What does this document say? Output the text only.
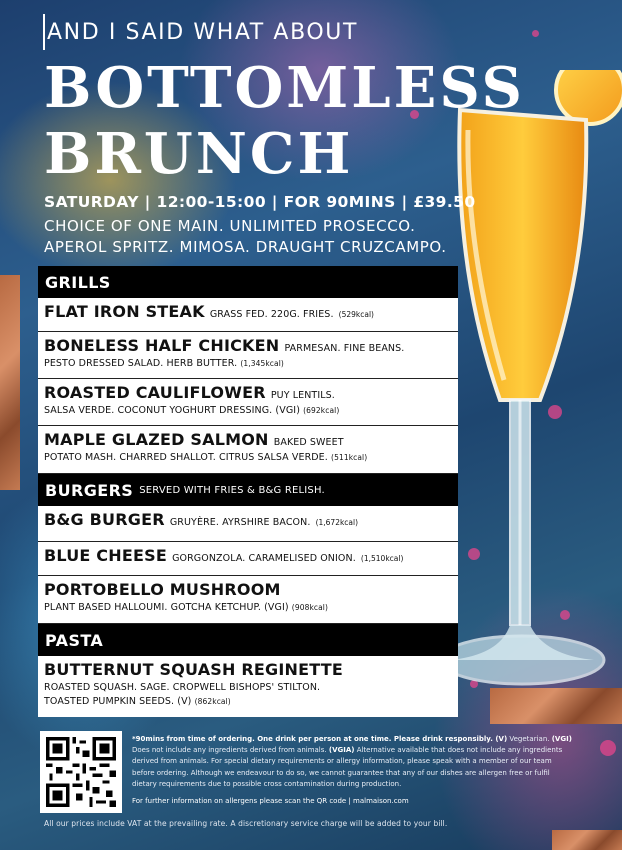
AND I SAID WHAT ABOUT
BOTTOMLESS
BRUNCH
SATURDAY | 12:00-15:00 | FOR 90MINS | £39.50
CHOICE OF ONE MAIN. UNLIMITED PROSECCO.
APEROL SPRITZ. MIMOSA. DRAUGHT CRUZCAMPO.
GRILLS
FLAT IRON STEAK GRASS FED. 220G. FRIES. (529kcal)
BONELESS HALF CHICKEN PARMESAN. FINE BEANS.
PESTO DRESSED SALAD. HERB BUTTER. (1,345kcal)
ROASTED CAULIFLOWER PUY LENTILS.
SALSA VERDE. COCONUT YOGHURT DRESSING. (VGI) (692kcal)
MAPLE GLAZED SALMON BAKED SWEET
POTATO MASH. CHARRED SHALLOT. CITRUS SALSA VERDE. (511kcal)
BURGERS SERVED WITH FRIES & B&G RELISH.
B&G BURGER GRUYÈRE. AYRSHIRE BACON. (1,672kcal)
BLUE CHEESE GORGONZOLA. CARAMELISED ONION. (1,510kcal)
PORTOBELLO MUSHROOM
PLANT BASED HALLOUMI. GOTCHA KETCHUP. (VGI) (908kcal)
PASTA
BUTTERNUT SQUASH REGINETTE
ROASTED SQUASH. SAGE. CROPWELL BISHOPS' STILTON.
TOASTED PUMPKIN SEEDS. (V) (862kcal)
*90mins from time of ordering. One drink per person at one time. Please drink responsibly. (V) Vegetarian. (VGI) Does not include any ingredients derived from animals. (VGIA) Alternative available that does not include any ingredients derived from animals. For special dietary requirements or allergy information, please speak with a member of our team before ordering. Although we endeavour to do so, we cannot guarantee that any of our dishes are allergen free or fulfil dietary requirements due to possible cross contamination during production.
For further information on allergens please scan the QR code | malmaison.com
All our prices include VAT at the prevailing rate. A discretionary service charge will be added to your bill.
